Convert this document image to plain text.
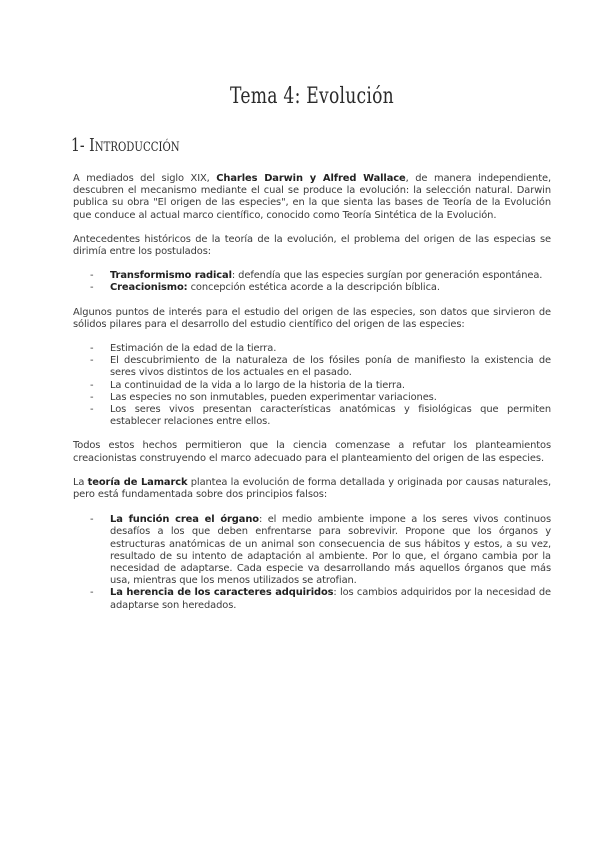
Tema 4: Evolución
1- Introducción

A mediados del siglo XIX, Charles Darwin y Alfred Wallace, de manera independiente, descubren el mecanismo mediante el cual se produce la evolución: la selección natural. Darwin publica su obra "El origen de las especies", en la que sienta las bases de Teoría de la Evolución que conduce al actual marco científico, conocido como Teoría Sintética de la Evolución.

Antecedentes históricos de la teoría de la evolución, el problema del origen de las especias se dirimía entre los postulados:

- Transformismo radical: defendía que las especies surgían por generación espontánea.
- Creacionismo: concepción estética acorde a la descripción bíblica.

Algunos puntos de interés para el estudio del origen de las especies, son datos que sirvieron de sólidos pilares para el desarrollo del estudio científico del origen de las especies:

- Estimación de la edad de la tierra.
- El descubrimiento de la naturaleza de los fósiles ponía de manifiesto la existencia de seres vivos distintos de los actuales en el pasado.
- La continuidad de la vida a lo largo de la historia de la tierra.
- Las especies no son inmutables, pueden experimentar variaciones.
- Los seres vivos presentan características anatómicas y fisiológicas que permiten establecer relaciones entre ellos.

Todos estos hechos permitieron que la ciencia comenzase a refutar los planteamientos creacionistas construyendo el marco adecuado para el planteamiento del origen de las especies.

La teoría de Lamarck plantea la evolución de forma detallada y originada por causas naturales, pero está fundamentada sobre dos principios falsos:

- La función crea el órgano: el medio ambiente impone a los seres vivos continuos desafíos a los que deben enfrentarse para sobrevivir. Propone que los órganos y estructuras anatómicas de un animal son consecuencia de sus hábitos y estos, a su vez, resultado de su intento de adaptación al ambiente. Por lo que, el órgano cambia por la necesidad de adaptarse. Cada especie va desarrollando más aquellos órganos que más usa, mientras que los menos utilizados se atrofian.
- La herencia de los caracteres adquiridos: los cambios adquiridos por la necesidad de adaptarse son heredados.
